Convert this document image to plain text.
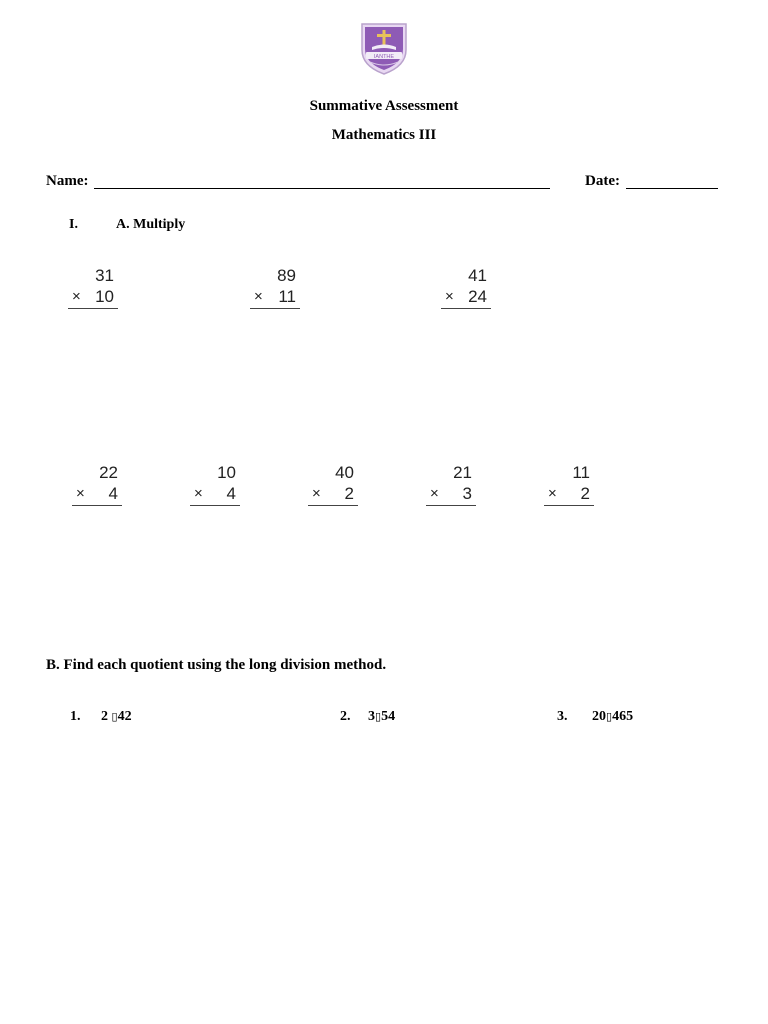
IANTHE
Summative Assessment
Mathematics III
Name:	Date:
I.	A. Multiply
31
× 10
89
× 11
41
× 24
22
× 4
10
× 4
40
× 2
21
× 3
11
× 2
B. Find each quotient using the long division method.
1. 2 ▯42	2. 3▯54	3. 20▯465
